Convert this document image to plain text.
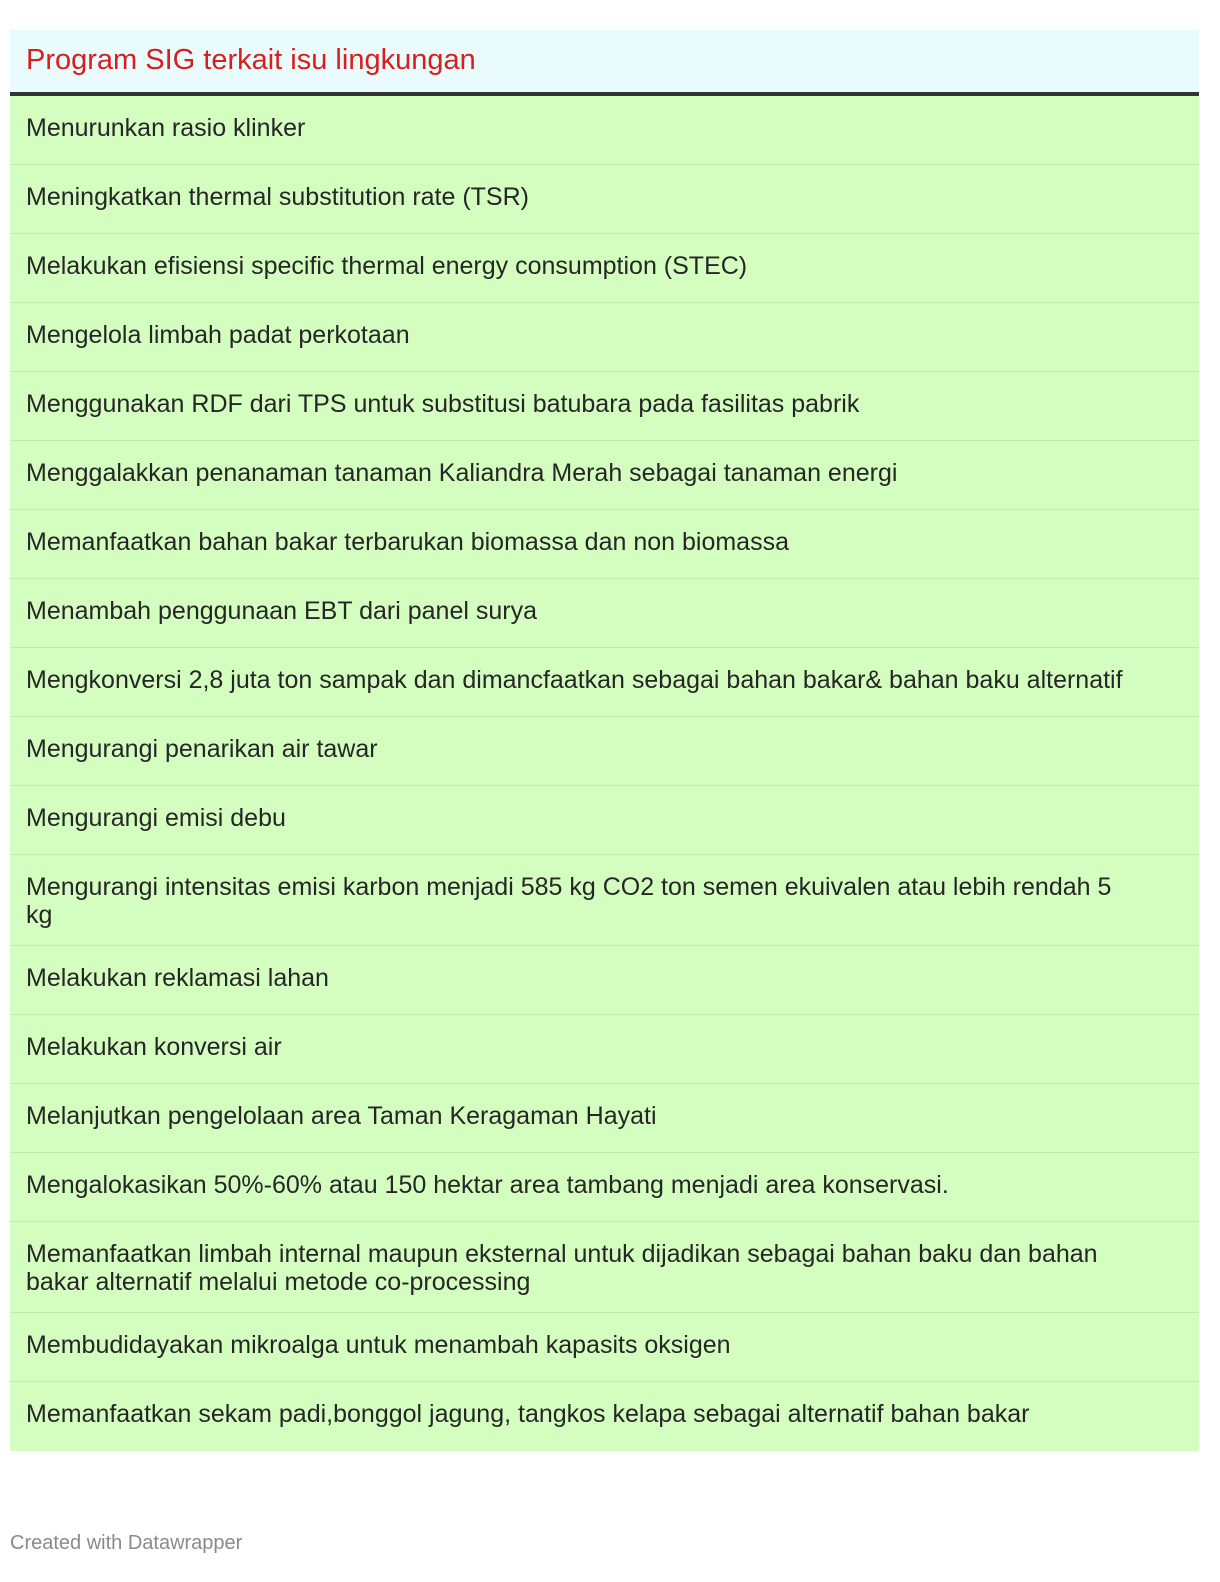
Program SIG terkait isu lingkungan
Menurunkan rasio klinker
Meningkatkan thermal substitution rate (TSR)
Melakukan efisiensi specific thermal energy consumption (STEC)
Mengelola limbah padat perkotaan
Menggunakan RDF dari TPS untuk substitusi batubara pada fasilitas pabrik
Menggalakkan penanaman tanaman Kaliandra Merah sebagai tanaman energi
Memanfaatkan bahan bakar terbarukan biomassa dan non biomassa
Menambah penggunaan EBT dari panel surya
Mengkonversi 2,8 juta ton sampak dan dimancfaatkan sebagai bahan bakar& bahan baku alternatif
Mengurangi penarikan air tawar
Mengurangi emisi debu
Mengurangi intensitas emisi karbon menjadi 585 kg CO2 ton semen ekuivalen atau lebih rendah 5 kg
Melakukan reklamasi lahan
Melakukan konversi air
Melanjutkan pengelolaan area Taman Keragaman Hayati
Mengalokasikan 50%-60% atau 150 hektar area tambang menjadi area konservasi.
Memanfaatkan limbah internal maupun eksternal untuk dijadikan sebagai bahan baku dan bahan bakar alternatif melalui metode co-processing
Membudidayakan mikroalga untuk menambah kapasits oksigen
Memanfaatkan sekam padi,bonggol jagung, tangkos kelapa sebagai alternatif bahan bakar
Created with Datawrapper
